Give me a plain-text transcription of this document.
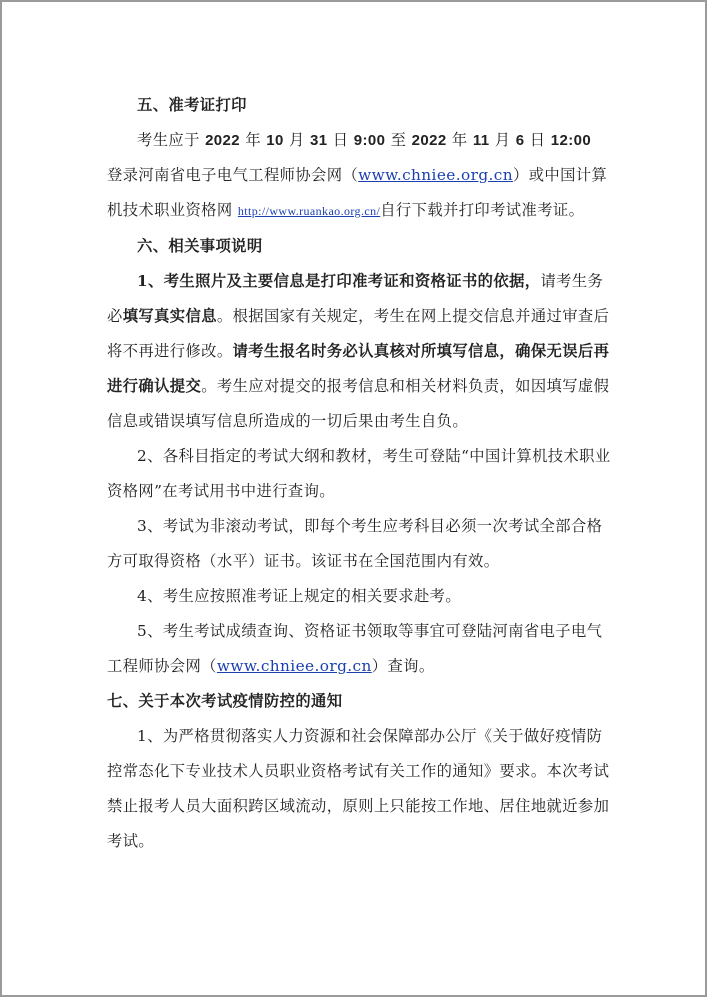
五、准考证打印

考生应于 2022 年 10 月 31 日 9:00 至 2022 年 11 月 6 日 12:00 登录河南省电子电气工程师协会网（www.chniee.org.cn）或中国计算机技术职业资格网 http://www.ruankao.org.cn/自行下载并打印考试准考证。

六、相关事项说明

1、考生照片及主要信息是打印准考证和资格证书的依据，请考生务必填写真实信息。根据国家有关规定，考生在网上提交信息并通过审查后将不再进行修改。请考生报名时务必认真核对所填写信息，确保无误后再进行确认提交。考生应对提交的报考信息和相关材料负责，如因填写虚假信息或错误填写信息所造成的一切后果由考生自负。

2、各科目指定的考试大纲和教材，考生可登陆“中国计算机技术职业资格网”在考试用书中进行查询。

3、考试为非滚动考试，即每个考生应考科目必须一次考试全部合格方可取得资格（水平）证书。该证书在全国范围内有效。

4、考生应按照准考证上规定的相关要求赴考。

5、考生考试成绩查询、资格证书领取等事宜可登陆河南省电子电气工程师协会网（www.chniee.org.cn）查询。

七、关于本次考试疫情防控的通知

1、为严格贯彻落实人力资源和社会保障部办公厅《关于做好疫情防控常态化下专业技术人员职业资格考试有关工作的通知》要求。本次考试禁止报考人员大面积跨区域流动，原则上只能按工作地、居住地就近参加考试。
